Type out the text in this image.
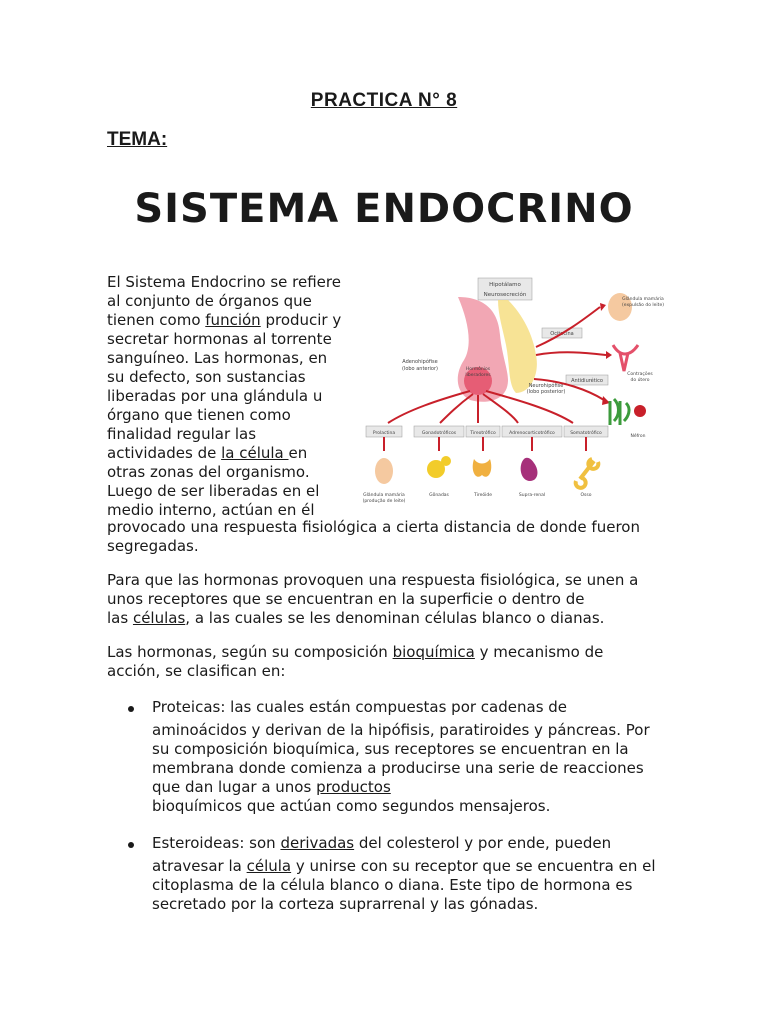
PRACTICA N° 8
TEMA:
SISTEMA ENDOCRINO
El Sistema Endocrino se refiere
al conjunto de órganos que
tienen como función producir y
secretar hormonas al torrente
sanguíneo. Las hormonas, en
su defecto, son sustancias
liberadas por una glándula u
órgano que tienen como
finalidad regular las
actividades de la célula en
otras zonas del organismo.
Luego de ser liberadas en el
medio interno, actúan en él
provocado una respuesta fisiológica a cierta distancia de donde fueron
segregadas.
Hipotálamo
Neurosecreción
Adenohipófise
(lobo anterior)	Hormônios
liberadores
Neurohipófise
(lobo posterior)
Ocitocina
Antidiurético
Glândula mamária
(expulsão do leite)
Contrações
do útero
Néfron
Prolactina	Gonadotróficos	Tireotrófico	Adrenocorticotrófico	Somatotrófico
Glândula mamária
(produção de leite)
Gônadas	Tireóide	Supra-renal	Osso
Para que las hormonas provoquen una respuesta fisiológica, se unen a
unos receptores que se encuentran en la superficie o dentro de
las células, a las cuales se les denominan células blanco o dianas.
Las hormonas, según su composición bioquímica y mecanismo de
acción, se clasifican en:
Proteicas: las cuales están compuestas por cadenas de
aminoácidos y derivan de la hipófisis, paratiroides y páncreas. Por
su composición bioquímica, sus receptores se encuentran en la
membrana donde comienza a producirse una serie de reacciones
que dan lugar a unos productos
bioquímicos que actúan como segundos mensajeros.
Esteroideas: son derivadas del colesterol y por ende, pueden
atravesar la célula y unirse con su receptor que se encuentra en el
citoplasma de la célula blanco o diana. Este tipo de hormona es
secretado por la corteza suprarrenal y las gónadas.
